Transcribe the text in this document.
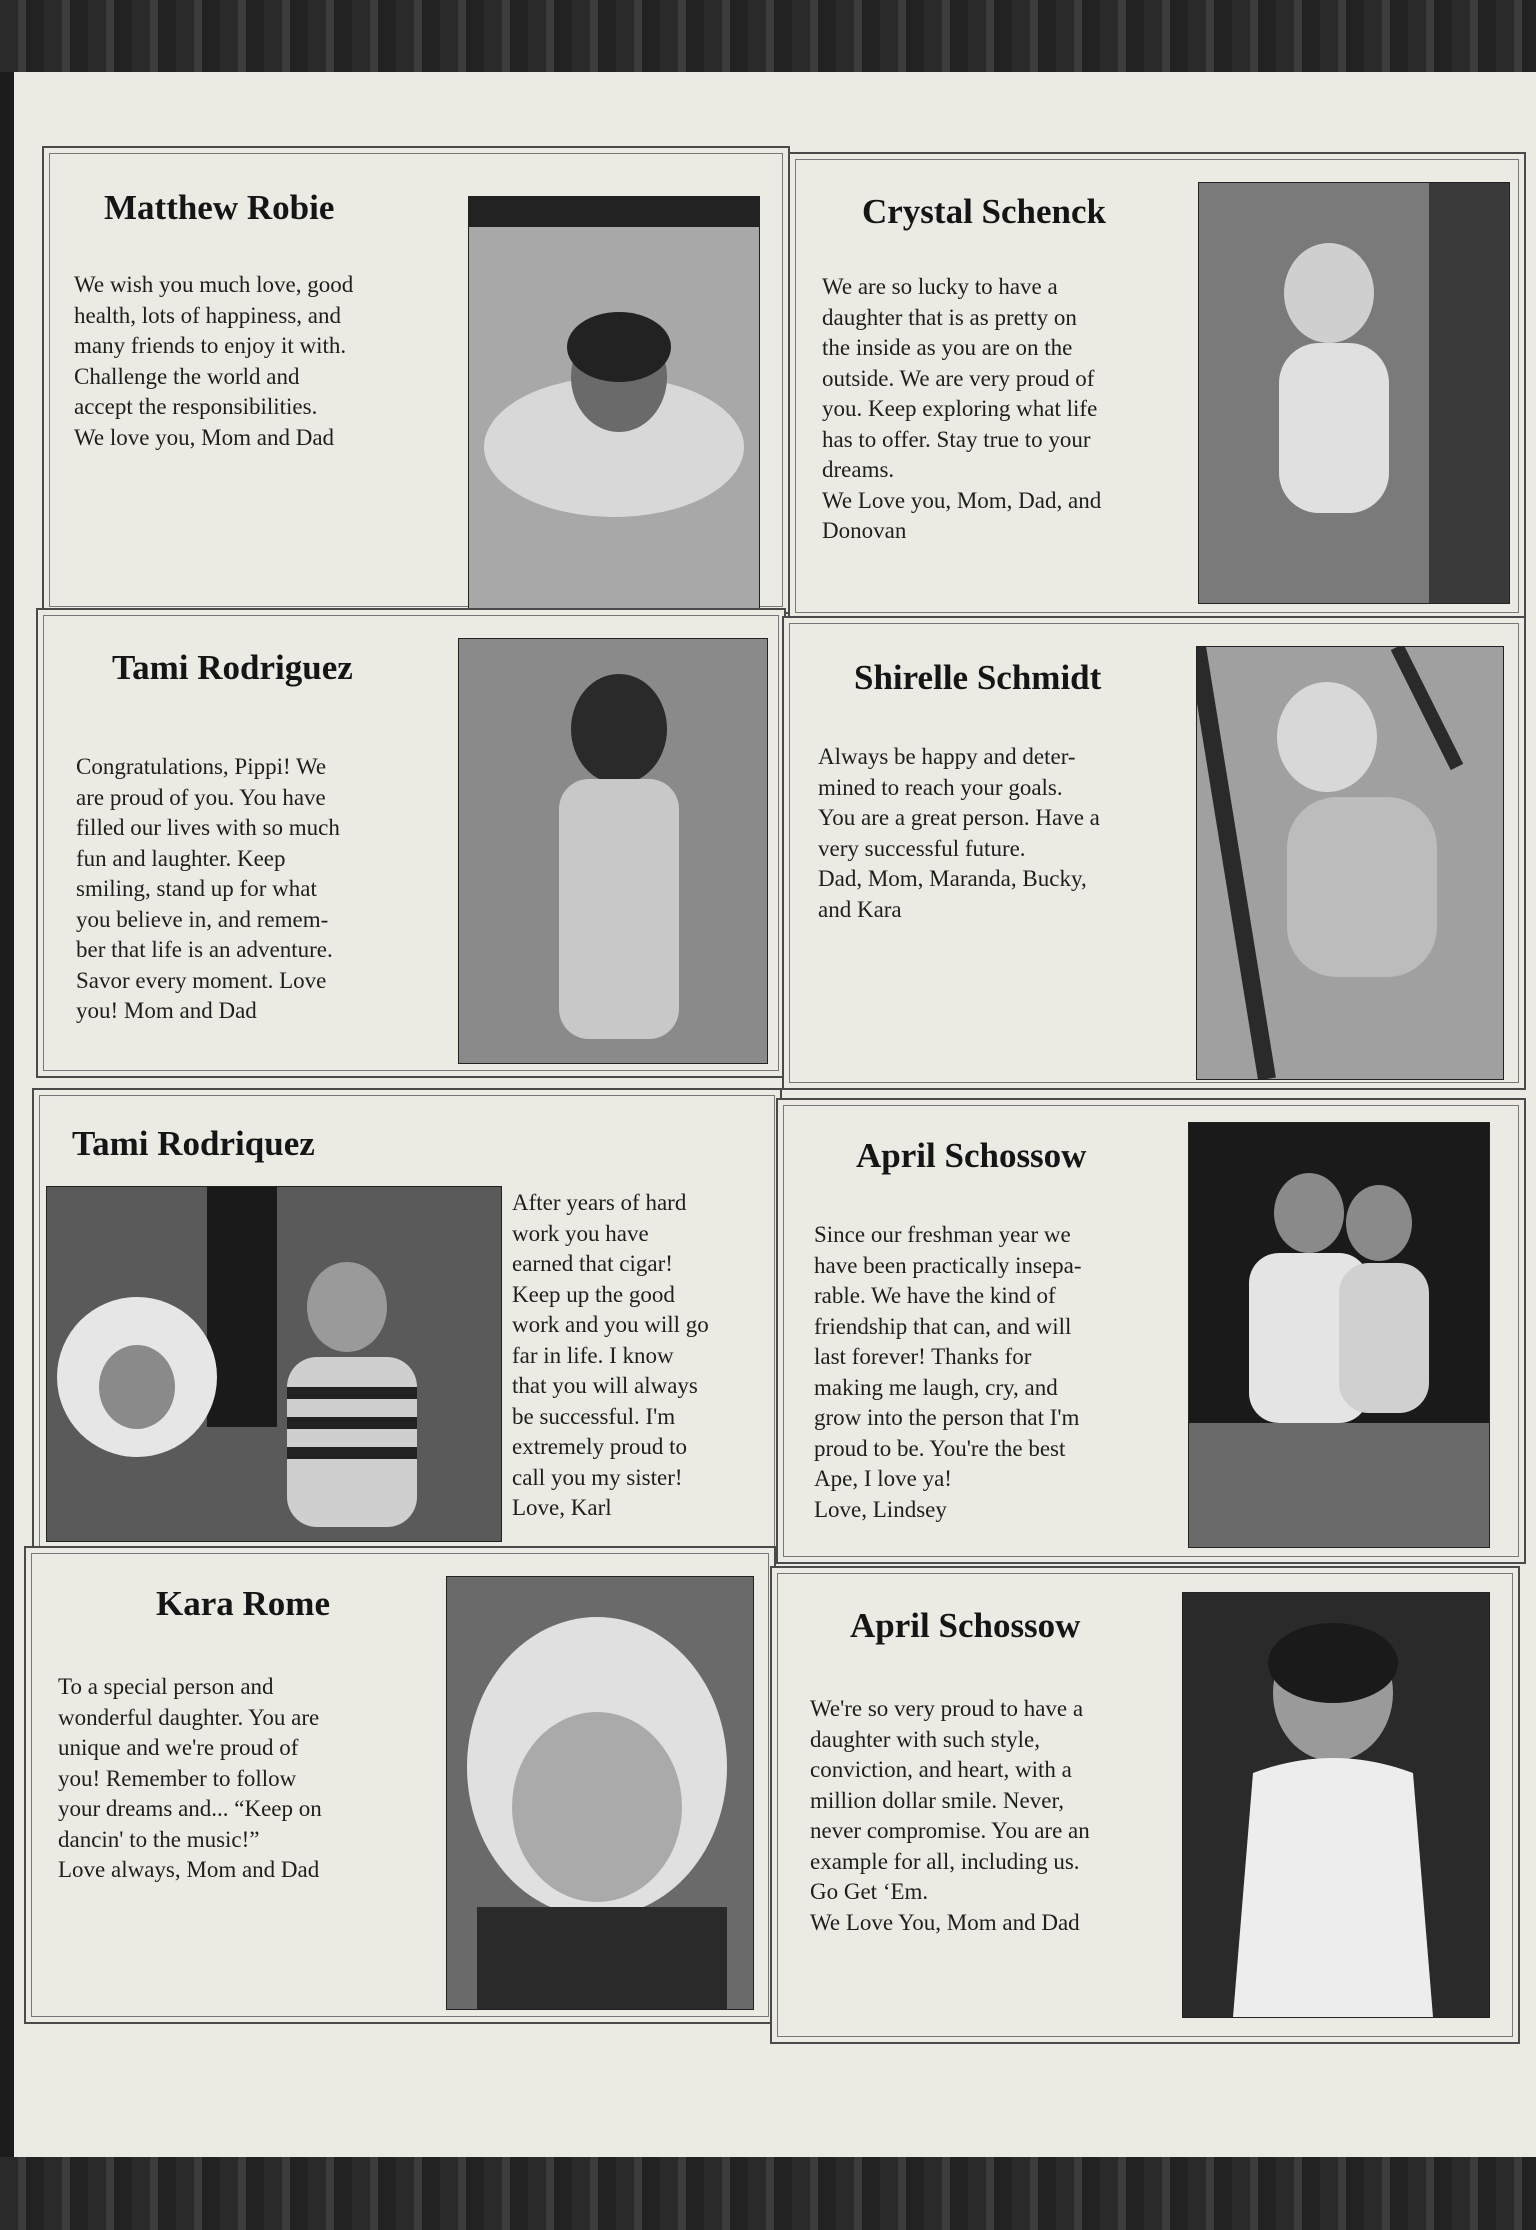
Matthew Robie

We wish you much love, good
health, lots of happiness, and
many friends to enjoy it with.
Challenge the world and
accept the responsibilities.
We love you, Mom and Dad

Crystal Schenck

We are so lucky to have a
daughter that is as pretty on
the inside as you are on the
outside. We are very proud of
you. Keep exploring what life
has to offer. Stay true to your
dreams.
We Love you, Mom, Dad, and
Donovan

Tami Rodriguez

Congratulations, Pippi! We
are proud of you. You have
filled our lives with so much
fun and laughter. Keep
smiling, stand up for what
you believe in, and remem-
ber that life is an adventure.
Savor every moment. Love
you! Mom and Dad

Shirelle Schmidt

Always be happy and deter-
mined to reach your goals.
You are a great person. Have a
very successful future.
Dad, Mom, Maranda, Bucky,
and Kara

Tami Rodriquez

After years of hard
work you have
earned that cigar!
Keep up the good
work and you will go
far in life. I know
that you will always
be successful. I'm
extremely proud to
call you my sister!
Love, Karl

April Schossow

Since our freshman year we
have been practically insepa-
rable. We have the kind of
friendship that can, and will
last forever! Thanks for
making me laugh, cry, and
grow into the person that I'm
proud to be. You're the best
Ape, I love ya!
Love, Lindsey

Kara Rome

To a special person and
wonderful daughter. You are
unique and we're proud of
you! Remember to follow
your dreams and... “Keep on
dancin' to the music!”
Love always, Mom and Dad

April Schossow

We're so very proud to have a
daughter with such style,
conviction, and heart, with a
million dollar smile. Never,
never compromise. You are an
example for all, including us.
Go Get ‘Em.
We Love You, Mom and Dad
